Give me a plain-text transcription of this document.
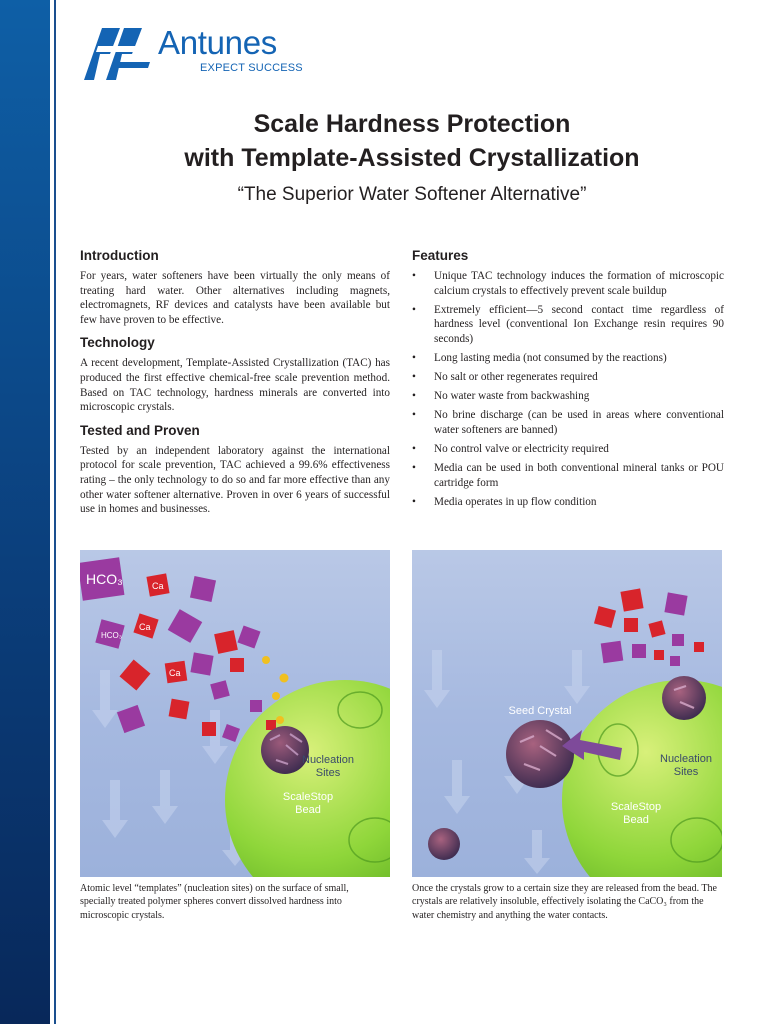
Antunes
EXPECT SUCCESS
Scale Hardness Protection
with Template-Assisted Crystallization
“The Superior Water Softener Alternative”
Introduction

For years, water softeners have been virtually the only means of treating hard water. Other alternatives including magnets, electromagnets, RF devices and catalysts have been available but few have proven to be effective.

Technology

A recent development, Template-Assisted Crystallization (TAC) has produced the first effective chemical-free scale prevention method. Based on TAC technology, hardness minerals are converted into microscopic crystals.

Tested and Proven

Tested by an independent laboratory against the international protocol for scale prevention, TAC achieved a 99.6% effectiveness rating – the only technology to do so and far more effective than any other water softener alternative. Proven in over 6 years of successful use in homes and businesses.

Features
• Unique TAC technology induces the formation of microscopic calcium crystals to effectively prevent scale buildup
• Extremely efficient—5 second contact time regardless of hardness level (conventional Ion Exchange resin requires 90 seconds)
• Long lasting media (not consumed by the reactions)
• No salt or other regenerates required
• No water waste from backwashing
• No brine discharge (can be used in areas where conventional water softeners are banned)
• No control valve or electricity required
• Media can be used in both conventional mineral tanks or POU cartridge form
• Media operates in up flow condition
HCO₃	Ca
HCO₃
Ca
Ca
Nucleation
Sites
ScaleStop
Bead
Seed Crystal
Nucleation
Sites
ScaleStop
Bead
Atomic level “templates” (nucleation sites) on the surface of small, specially treated polymer spheres convert dissolved hardness into microscopic crystals.
Once the crystals grow to a certain size they are released from the bead. The crystals are relatively insoluble, effectively isolating the CaCO₃ from the water chemistry and anything the water contacts.
